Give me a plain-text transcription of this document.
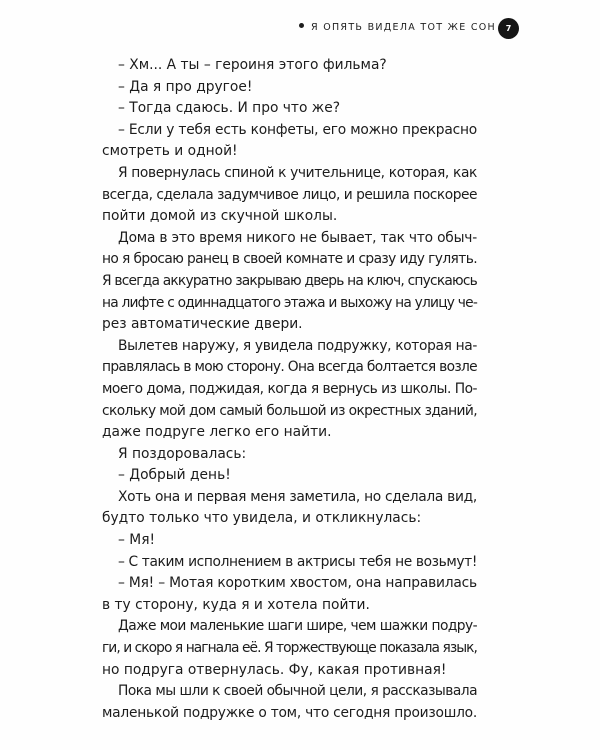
Я ОПЯТЬ ВИДЕЛА ТОТ ЖЕ СОН	7

– Хм... А ты – героиня этого фильма?

– Да я про другое!

– Тогда сдаюсь. И про что же?

– Если у тебя есть конфеты, его можно прекрасно
смотреть и одной!

Я повернулась спиной к учительнице, которая, как
всегда, сделала задумчивое лицо, и решила поскорее
пойти домой из скучной школы.

Дома в это время никого не бывает, так что обыч-
но я бросаю ранец в своей комнате и сразу иду гулять.
Я всегда аккуратно закрываю дверь на ключ, спускаюсь
на лифте с одиннадцатого этажа и выхожу на улицу че-
рез автоматические двери.

Вылетев наружу, я увидела подружку, которая на-
правлялась в мою сторону. Она всегда болтается возле
моего дома, поджидая, когда я вернусь из школы. По-
скольку мой дом самый большой из окрестных зданий,
даже подруге легко его найти.

Я поздоровалась:

– Добрый день!

Хоть она и первая меня заметила, но сделала вид,
будто только что увидела, и откликнулась:

– Мя!

– С таким исполнением в актрисы тебя не возьмут!

– Мя! – Мотая коротким хвостом, она направилась
в ту сторону, куда я и хотела пойти.

Даже мои маленькие шаги шире, чем шажки подру-
ги, и скоро я нагнала её. Я торжествующе показала язык,
но подруга отвернулась. Фу, какая противная!

Пока мы шли к своей обычной цели, я рассказывала
маленькой подружке о том, что сегодня произошло.
